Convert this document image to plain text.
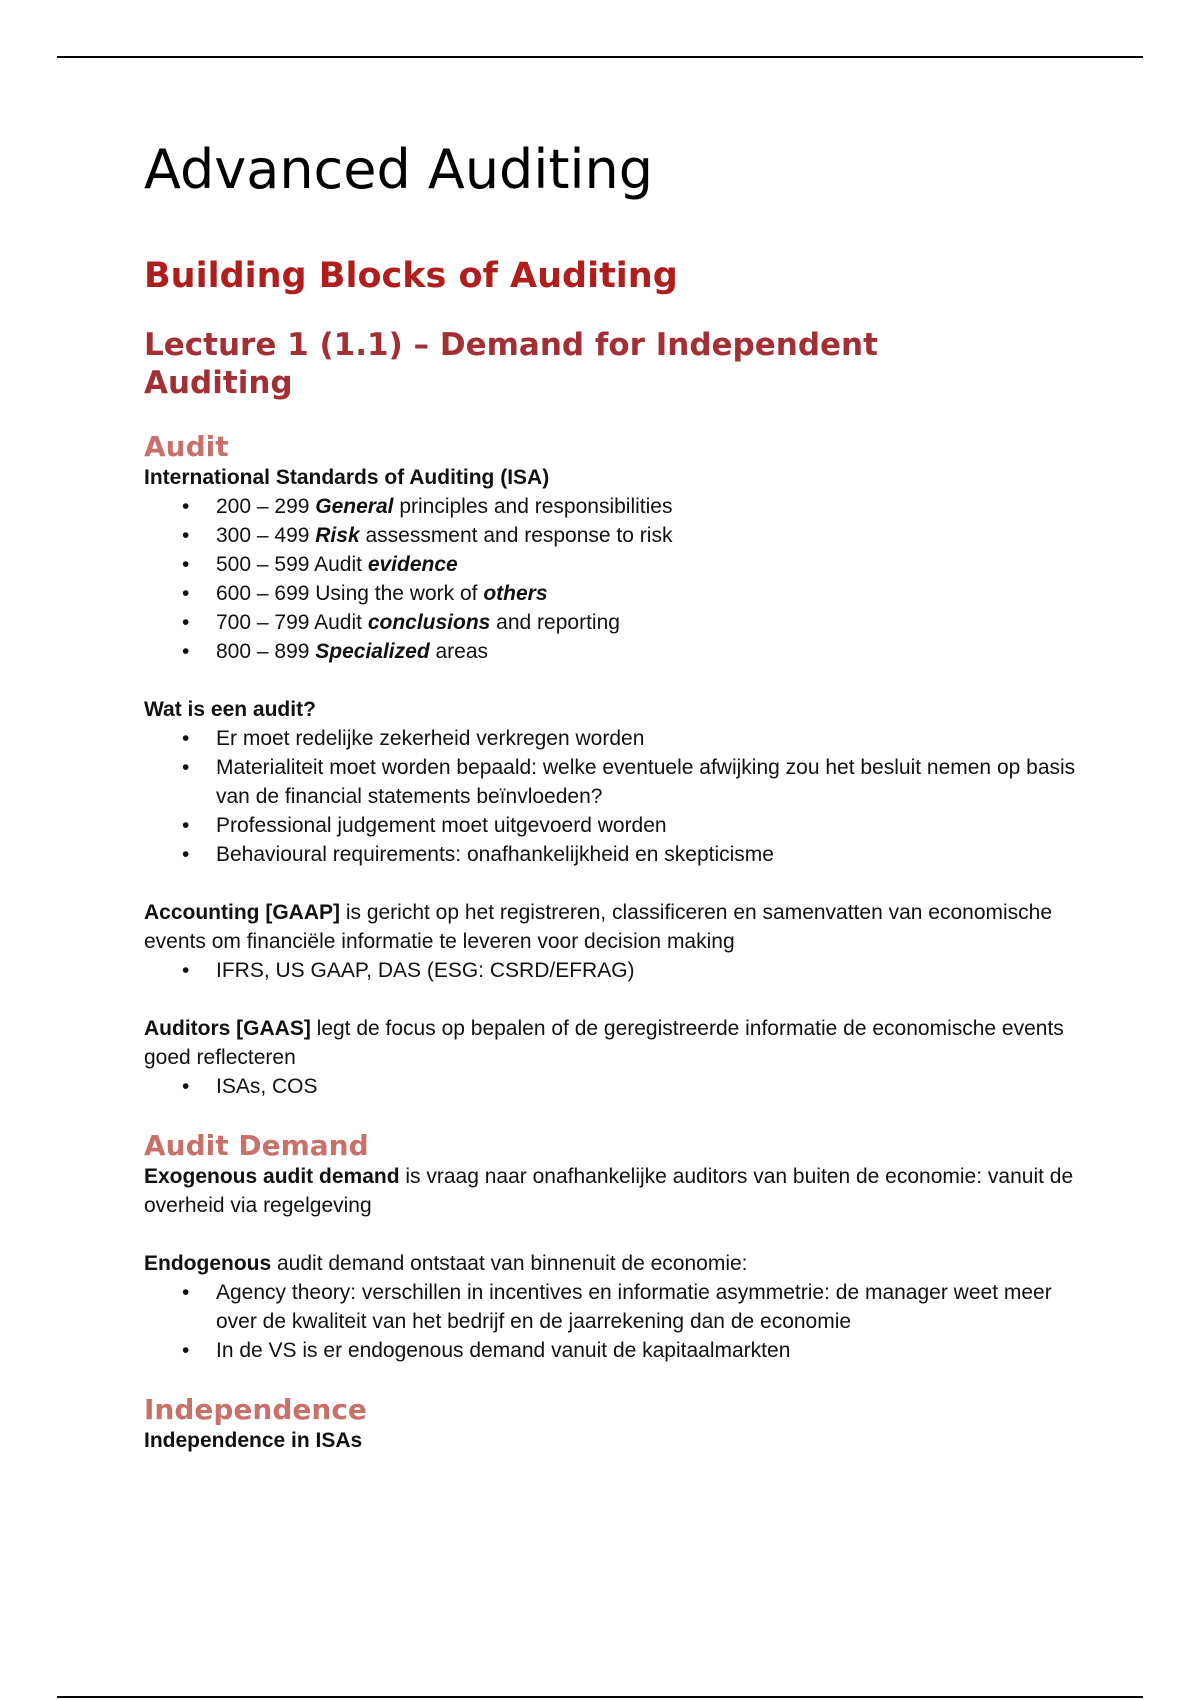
Advanced Auditing
Building Blocks of Auditing
Lecture 1 (1.1) – Demand for Independent Auditing
Audit

International Standards of Auditing (ISA)

• 200 – 299 General principles and responsibilities
• 300 – 499 Risk assessment and response to risk
• 500 – 599 Audit evidence
• 600 – 699 Using the work of others
• 700 – 799 Audit conclusions and reporting
• 800 – 899 Specialized areas

Wat is een audit?

• Er moet redelijke zekerheid verkregen worden
• Materialiteit moet worden bepaald: welke eventuele afwijking zou het besluit nemen op basis van de financial statements beïnvloeden?
• Professional judgement moet uitgevoerd worden
• Behavioural requirements: onafhankelijkheid en skepticisme

Accounting [GAAP] is gericht op het registreren, classificeren en samenvatten van economische events om financiële informatie te leveren voor decision making

• IFRS, US GAAP, DAS (ESG: CSRD/EFRAG)

Auditors [GAAS] legt de focus op bepalen of de geregistreerde informatie de economische events goed reflecteren

• ISAs, COS
Audit Demand

Exogenous audit demand is vraag naar onafhankelijke auditors van buiten de economie: vanuit de overheid via regelgeving

Endogenous audit demand ontstaat van binnenuit de economie:

• Agency theory: verschillen in incentives en informatie asymmetrie: de manager weet meer over de kwaliteit van het bedrijf en de jaarrekening dan de economie
• In de VS is er endogenous demand vanuit de kapitaalmarkten
Independence

Independence in ISAs
